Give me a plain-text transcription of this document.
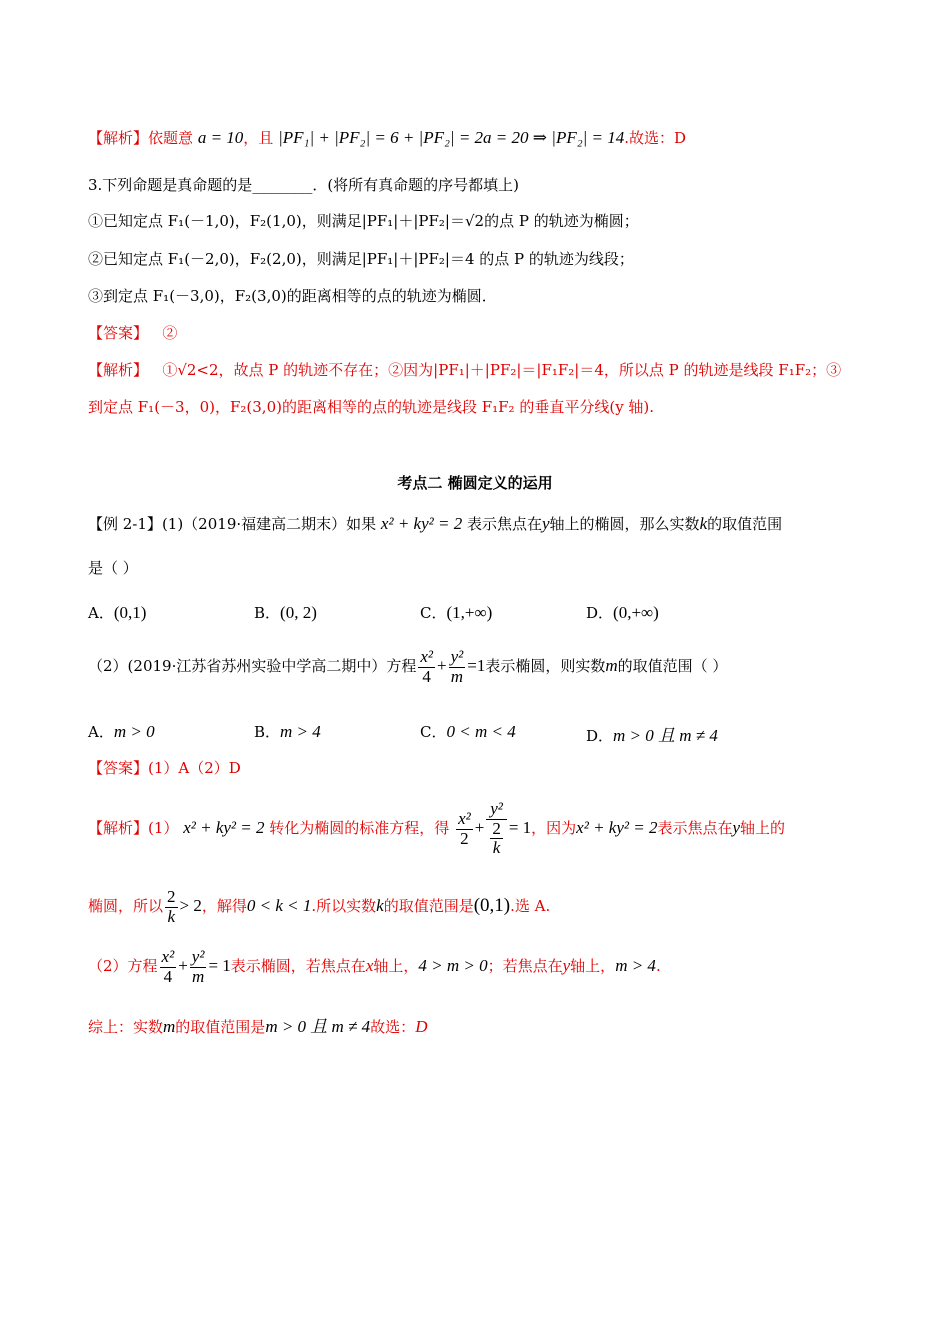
【解析】依题意 a = 10，且 |PF₁| + |PF₂| = 6 + |PF₂| = 2a = 20 ⇒ |PF₂| = 14.故选：D
3.下列命题是真命题的是________．(将所有真命题的序号都填上)
①已知定点 F₁(－1,0)，F₂(1,0)，则满足|PF₁|＋|PF₂|＝√2的点 P 的轨迹为椭圆；
②已知定点 F₁(－2,0)，F₂(2,0)，则满足|PF₁|＋|PF₂|＝4 的点 P 的轨迹为线段；
③到定点 F₁(－3,0)，F₂(3,0)的距离相等的点的轨迹为椭圆．
【答案】 ②
【解析】 ①√2<2，故点 P 的轨迹不存在；②因为|PF₁|＋|PF₂|＝|F₁F₂|＝4，所以点 P 的轨迹是线段 F₁F₂；③
到定点 F₁(－3，0)，F₂(3,0)的距离相等的点的轨迹是线段 F₁F₂ 的垂直平分线(y 轴).
考点二 椭圆定义的运用
【例 2-1】(1)（2019·福建高二期末）如果 x² + ky² = 2 表示焦点在y轴上的椭圆，那么实数k的取值范围
是（ ）
A．(0,1)	B．(0, 2)	C．(1,+∞)	D．(0,+∞)
（2）(2019·江苏省苏州实验中学高二期中）方程 $\frac{\text{x²}}{4} + \frac{\text{y²}}{m} =1$表示椭圆，则实数m的取值范围（ ）
A．m > 0	B．m > 4	C．0 < m < 4	D．m > 0 且 m ≠ 4
【答案】(1）A（2）D
【解析】(1） x² + ky² = 2 转化为椭圆的标准方程，得 $\frac{\text{x²}}{2} + y^2$
2
k = 1，因为x² + ky² = 2表示焦点在y轴上的
椭圆，所以 $\frac{2}{k} > 2$，解得0 < k < 1.所以实数k的取值范围是(0,1).选 A.
（2）方程 $\frac{\text{x²}}{4} + \frac{\text{y²}}{m} = 1$表示椭圆，若焦点在x轴上，4 > m > 0；若焦点在y轴上，m > 4.
综上：实数m的取值范围是m > 0 且 m ≠ 4故选：D
